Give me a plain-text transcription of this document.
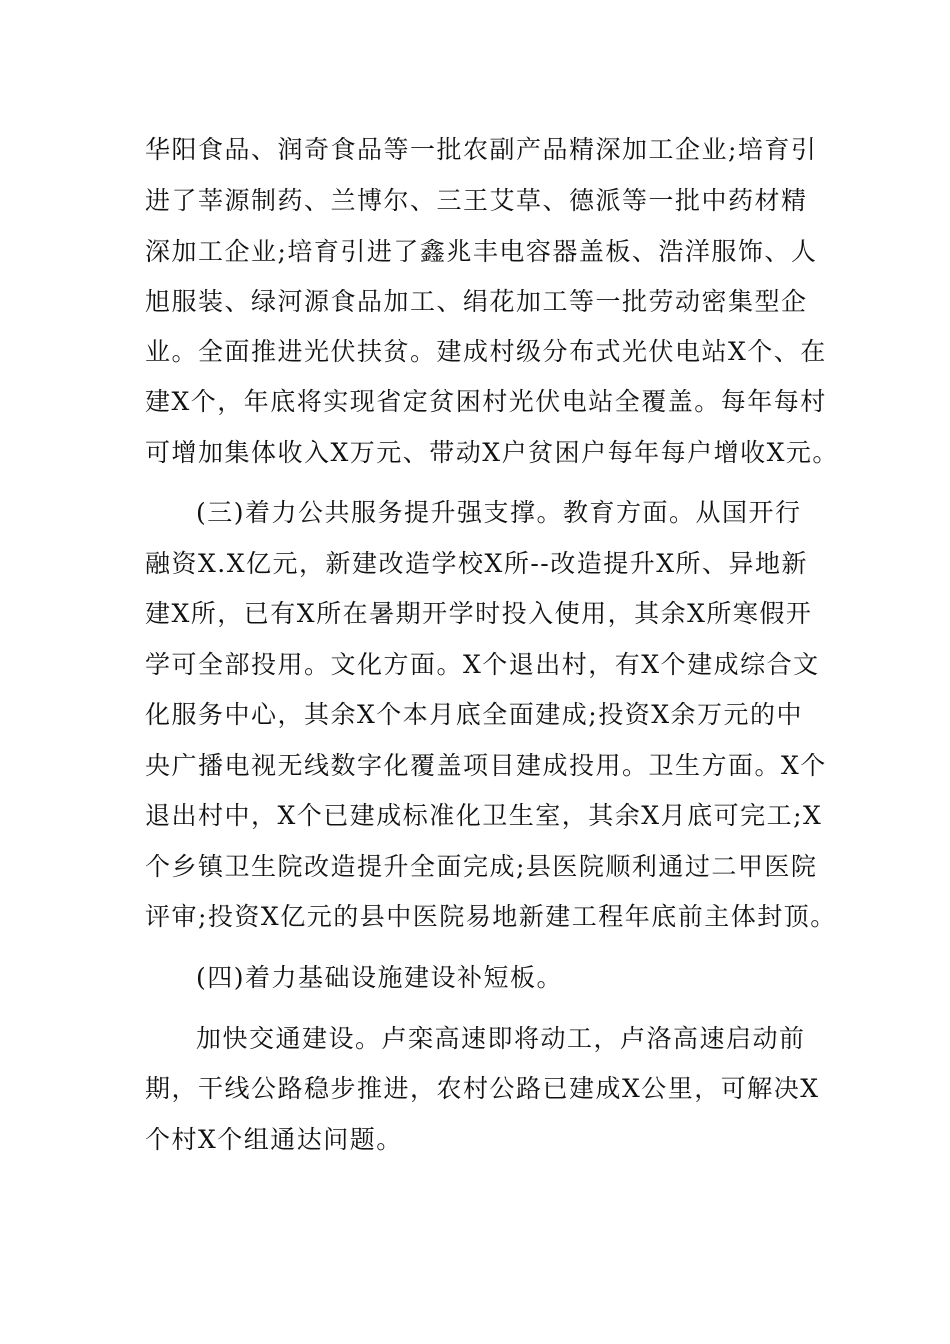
华阳食品、润奇食品等一批农副产品精深加工企业;培育引
进了莘源制药、兰博尔、三王艾草、德派等一批中药材精
深加工企业;培育引进了鑫兆丰电容器盖板、浩洋服饰、人
旭服装、绿河源食品加工、绢花加工等一批劳动密集型企
业。全面推进光伏扶贫。建成村级分布式光伏电站X个、在
建X个，年底将实现省定贫困村光伏电站全覆盖。每年每村
可增加集体收入X万元、带动X户贫困户每年每户增收X元。
(三)着力公共服务提升强支撑。教育方面。从国开行
融资X.X亿元，新建改造学校X所--改造提升X所、异地新
建X所，已有X所在暑期开学时投入使用，其余X所寒假开
学可全部投用。文化方面。X个退出村，有X个建成综合文
化服务中心，其余X个本月底全面建成;投资X余万元的中
央广播电视无线数字化覆盖项目建成投用。卫生方面。X个
退出村中，X个已建成标准化卫生室，其余X月底可完工;X
个乡镇卫生院改造提升全面完成;县医院顺利通过二甲医院
评审;投资X亿元的县中医院易地新建工程年底前主体封顶。
(四)着力基础设施建设补短板。
加快交通建设。卢栾高速即将动工，卢洛高速启动前
期，干线公路稳步推进，农村公路已建成X公里，可解决X
个村X个组通达问题。
